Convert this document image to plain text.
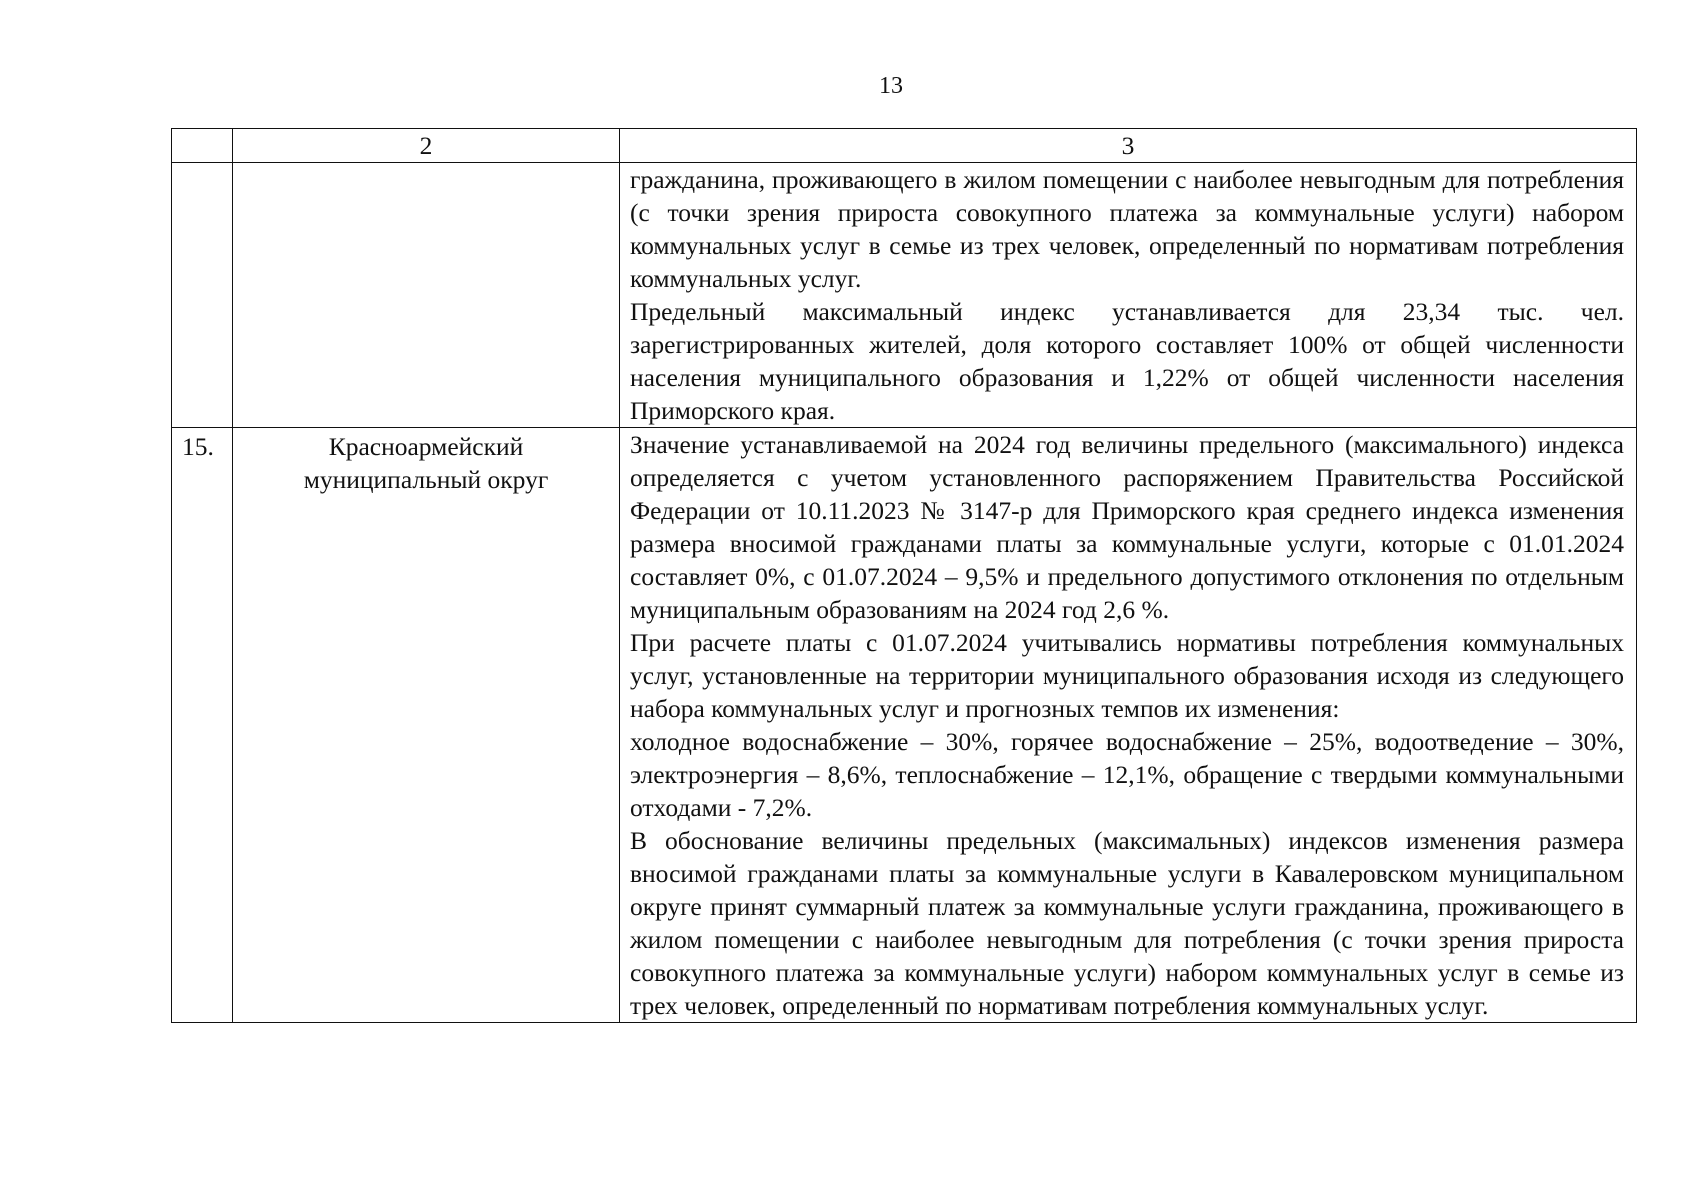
13
	2	3

		гражданина, проживающего в жилом помещении с наиболее невыгодным для потребления (с точки зрения прироста совокупного платежа за коммунальные услуги) набором коммунальных услуг в семье из трех человек, определенный по нормативам потребления коммунальных услуг.

Предельный максимальный индекс устанавливается для 23,34 тыс. чел. зарегистрированных жителей, доля которого составляет 100% от общей численности населения муниципального образования и 1,22% от общей численности населения Приморского края.

15.	Красноармейский муниципальный округ	Значение устанавливаемой на 2024 год величины предельного (максимального) индекса определяется с учетом установленного распоряжением Правительства Российской Федерации от 10.11.2023 № 3147-р для Приморского края среднего индекса изменения размера вносимой гражданами платы за коммунальные услуги, которые с 01.01.2024 составляет 0%, с 01.07.2024 – 9,5% и предельного допустимого отклонения по отдельным муниципальным образованиям на 2024 год 2,6 %.

При расчете платы с 01.07.2024 учитывались нормативы потребления коммунальных услуг, установленные на территории муниципального образования исходя из следующего набора коммунальных услуг и прогнозных темпов их изменения:

холодное водоснабжение – 30%, горячее водоснабжение – 25%, водоотведение – 30%, электроэнергия – 8,6%, теплоснабжение – 12,1%, обращение с твердыми коммунальными отходами - 7,2%.

В обоснование величины предельных (максимальных) индексов изменения размера вносимой гражданами платы за коммунальные услуги в Кавалеровском муниципальном округе принят суммарный платеж за коммунальные услуги гражданина, проживающего в жилом помещении с наиболее невыгодным для потребления (с точки зрения прироста совокупного платежа за коммунальные услуги) набором коммунальных услуг в семье из трех человек, определенный по нормативам потребления коммунальных услуг.
